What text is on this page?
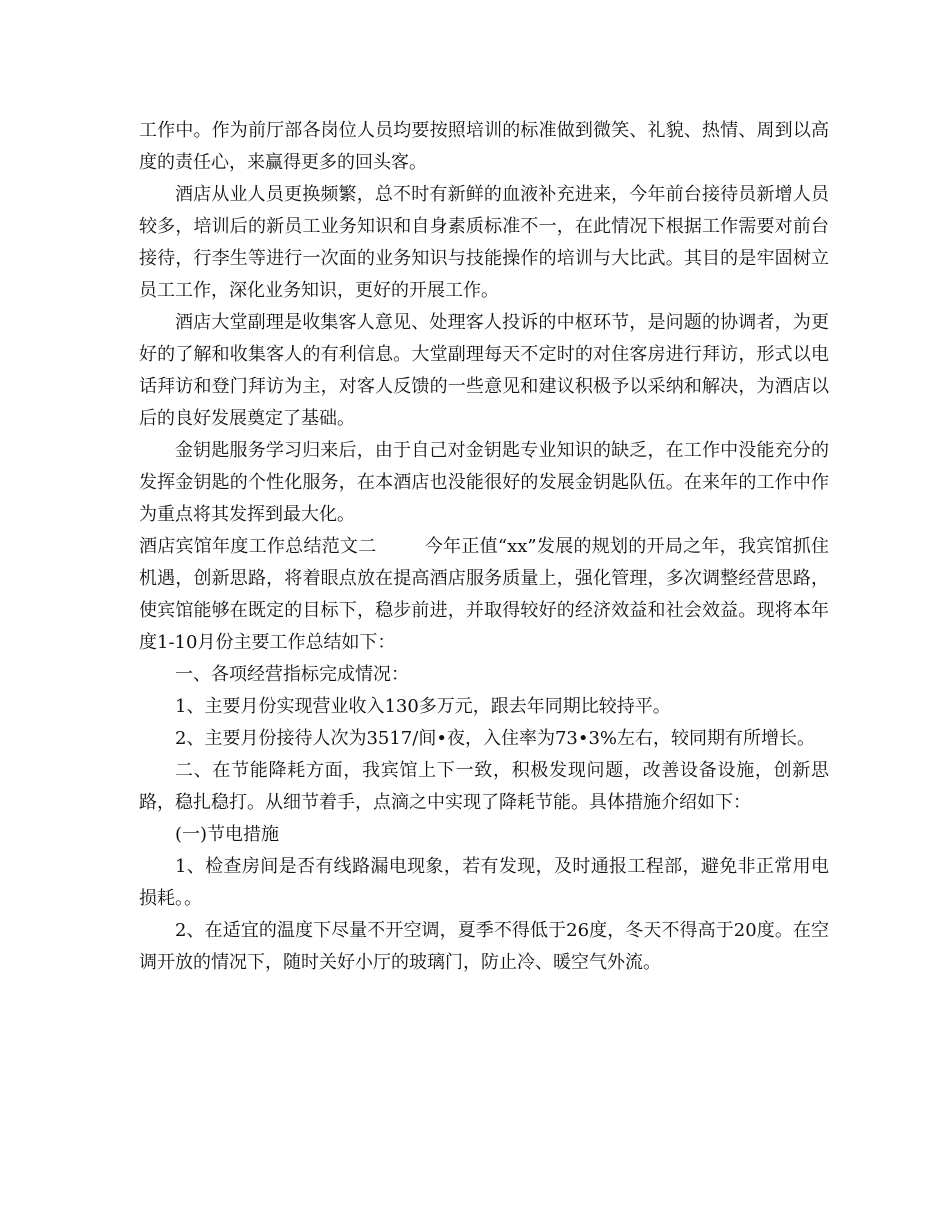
工作中。作为前厅部各岗位人员均要按照培训的标准做到微笑、礼貌、热情、周到以高度的责任心，来赢得更多的回头客。

酒店从业人员更换频繁，总不时有新鲜的血液补充进来，今年前台接待员新增人员较多，培训后的新员工业务知识和自身素质标准不一，在此情况下根据工作需要对前台接待，行李生等进行一次面的业务知识与技能操作的培训与大比武。其目的是牢固树立员工工作，深化业务知识，更好的开展工作。

酒店大堂副理是收集客人意见、处理客人投诉的中枢环节，是问题的协调者，为更好的了解和收集客人的有利信息。大堂副理每天不定时的对住客房进行拜访，形式以电话拜访和登门拜访为主，对客人反馈的一些意见和建议积极予以采纳和解决，为酒店以后的良好发展奠定了基础。

金钥匙服务学习归来后，由于自己对金钥匙专业知识的缺乏，在工作中没能充分的发挥金钥匙的个性化服务，在本酒店也没能很好的发展金钥匙队伍。在来年的工作中作为重点将其发挥到最大化。

酒店宾馆年度工作总结范文二	今年正值“xx”发展的规划的开局之年，我宾馆抓住机遇，创新思路，将着眼点放在提高酒店服务质量上，强化管理，多次调整经营思路，使宾馆能够在既定的目标下，稳步前进，并取得较好的经济效益和社会效益。现将本年度1-10月份主要工作总结如下：

一、各项经营指标完成情况：

1、主要月份实现营业收入130多万元，跟去年同期比较持平。

2、主要月份接待人次为3517/间•夜，入住率为73•3%左右，较同期有所增长。

二、在节能降耗方面，我宾馆上下一致，积极发现问题，改善设备设施，创新思路，稳扎稳打。从细节着手，点滴之中实现了降耗节能。具体措施介绍如下：

(一)节电措施

1、检查房间是否有线路漏电现象，若有发现，及时通报工程部，避免非正常用电损耗。。

2、在适宜的温度下尽量不开空调，夏季不得低于26度，冬天不得高于20度。在空调开放的情况下，随时关好小厅的玻璃门，防止冷、暖空气外流。
